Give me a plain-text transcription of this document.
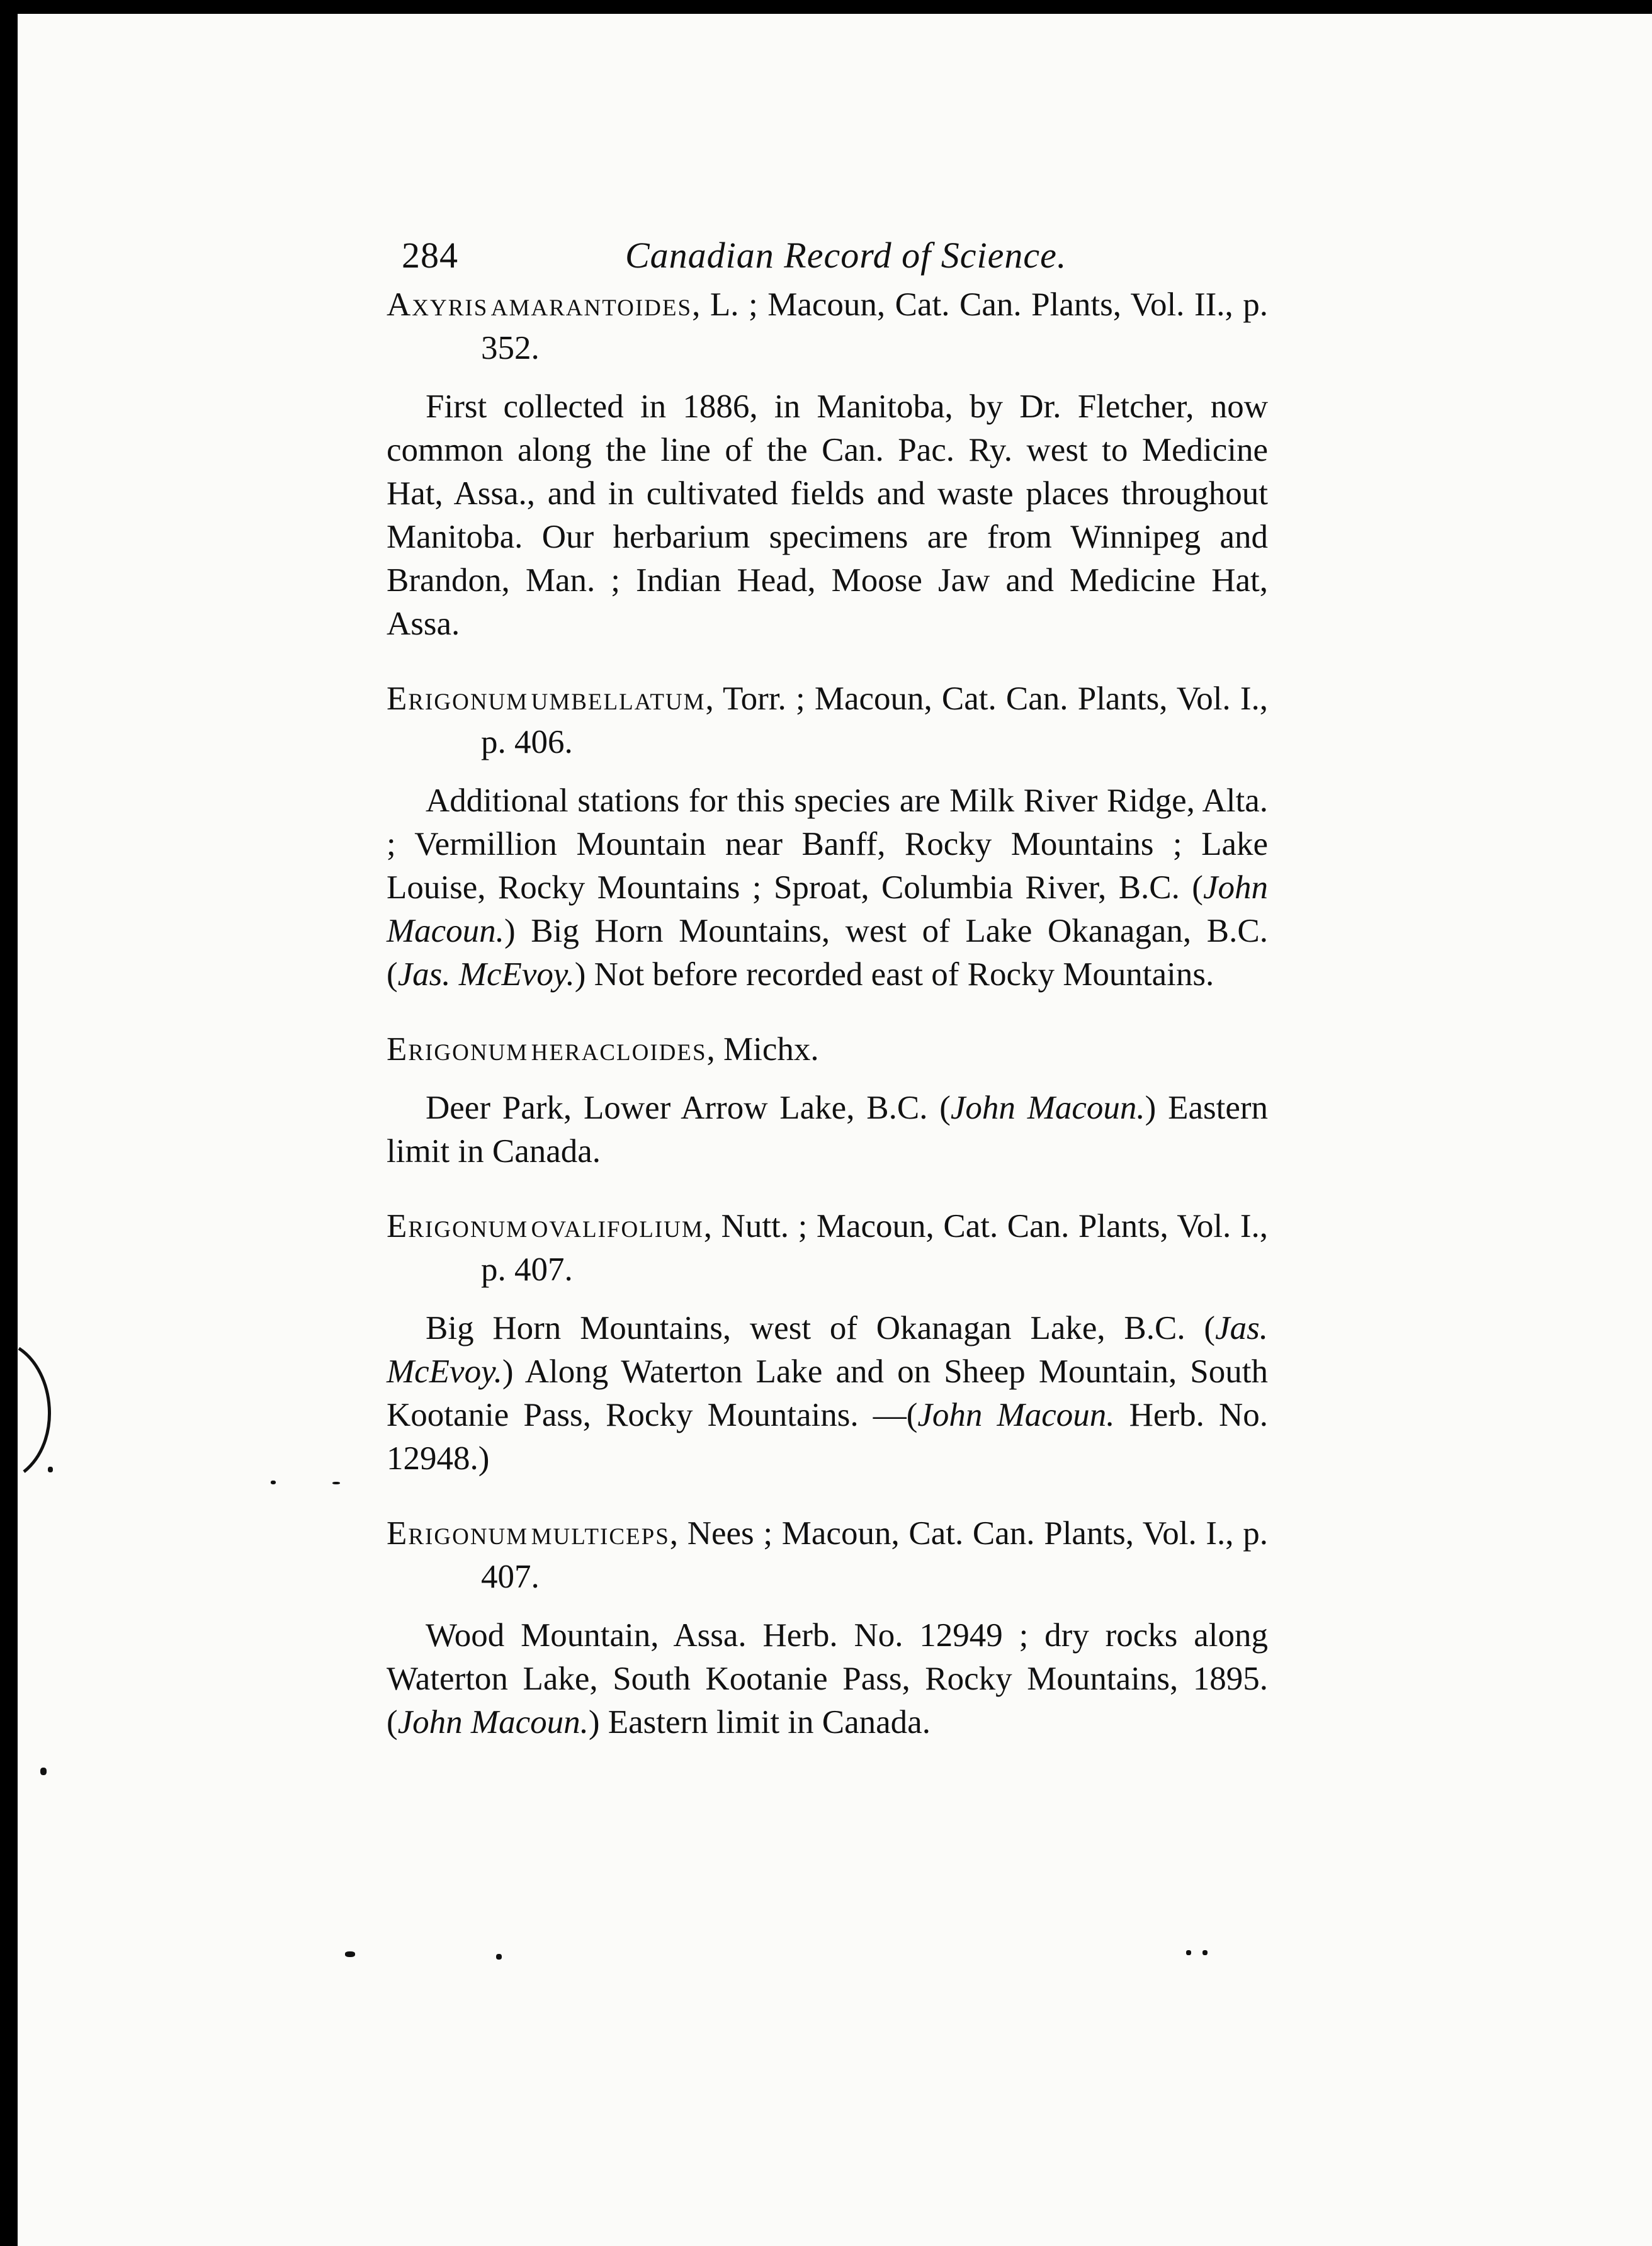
284	Canadian Record of Science.
Axyris amarantoides, L. ; Macoun, Cat. Can. Plants, Vol. II., p. 352.
First collected in 1886, in Manitoba, by Dr. Fletcher, now common along the line of the Can. Pac. Ry. west to Medicine Hat, Assa., and in cultivated fields and waste places throughout Manitoba. Our herbarium specimens are from Winnipeg and Brandon, Man. ; Indian Head, Moose Jaw and Medicine Hat, Assa.
Erigonum umbellatum, Torr. ; Macoun, Cat. Can. Plants, Vol. I., p. 406.
Additional stations for this species are Milk River Ridge, Alta. ; Vermillion Mountain near Banff, Rocky Mountains ; Lake Louise, Rocky Mountains ; Sproat, Columbia River, B.C. (John Macoun.) Big Horn Mountains, west of Lake Okanagan, B.C. (Jas. McEvoy.) Not before recorded east of Rocky Mountains.
Erigonum heracloides, Michx.
Deer Park, Lower Arrow Lake, B.C. (John Macoun.) Eastern limit in Canada.
Erigonum ovalifolium, Nutt. ; Macoun, Cat. Can. Plants, Vol. I., p. 407.
Big Horn Mountains, west of Okanagan Lake, B.C. (Jas. McEvoy.) Along Waterton Lake and on Sheep Mountain, South Kootanie Pass, Rocky Mountains. —(John Macoun. Herb. No. 12948.)
Erigonum multiceps, Nees ; Macoun, Cat. Can. Plants, Vol. I., p. 407.
Wood Mountain, Assa. Herb. No. 12949 ; dry rocks along Waterton Lake, South Kootanie Pass, Rocky Mountains, 1895. (John Macoun.) Eastern limit in Canada.
